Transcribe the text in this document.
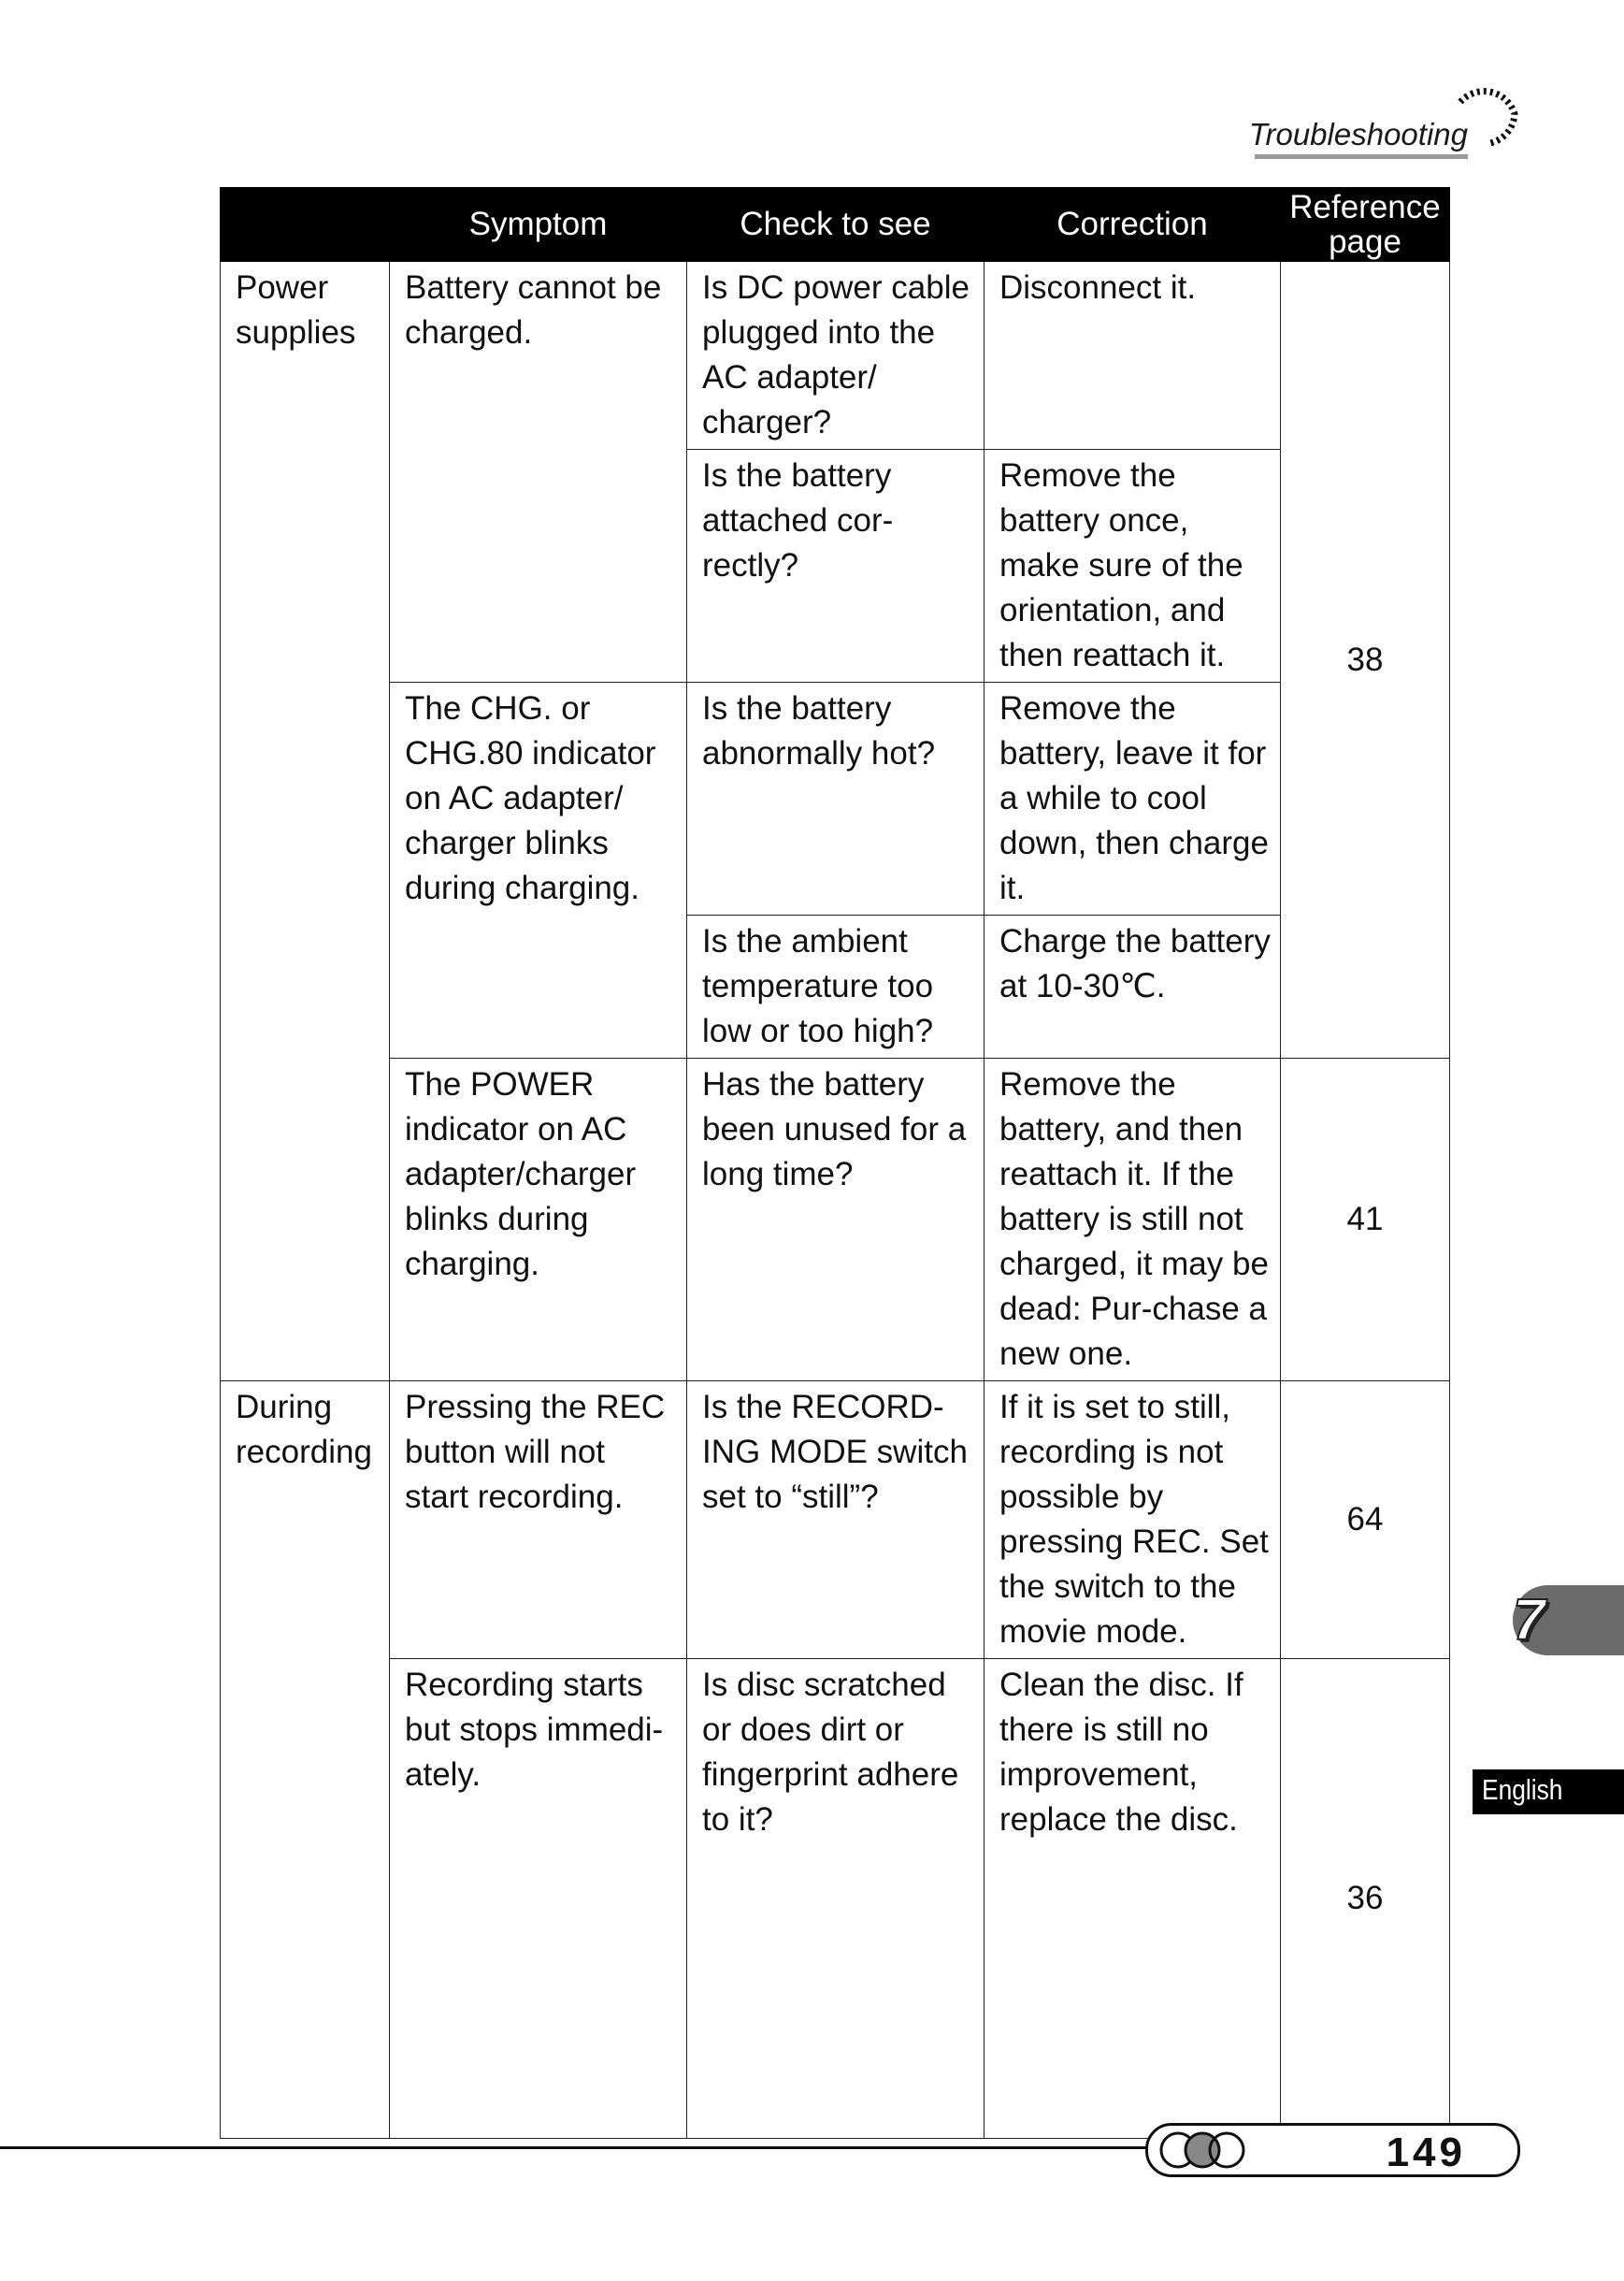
Troubleshooting
	Symptom	Check to see	Correction	Reference page
Power supplies	Battery cannot be charged.	Is DC power cable plugged into the AC adapter/ charger?	Disconnect it.	38
		Is the battery attached cor-rectly?	Remove the battery once, make sure of the orientation, and then reattach it.	
	The CHG. or CHG.80 indicator on AC adapter/ charger blinks during charging.	Is the battery abnormally hot?	Remove the battery, leave it for a while to cool down, then charge it.	
		Is the ambient temperature too low or too high?	Charge the battery at 10-30℃.	
	The POWER indicator on AC adapter/charger blinks during charging.	Has the battery been unused for a long time?	Remove the battery, and then reattach it. If the battery is still not charged, it may be dead: Pur-chase a new one.	41
During recording	Pressing the REC button will not start recording.	Is the RECORD-ING MODE switch set to “still”?	If it is set to still, recording is not possible by pressing REC. Set the switch to the movie mode.	64
	Recording starts but stops immedi-ately.	Is disc scratched or does dirt or fingerprint adhere to it?	Clean the disc. If there is still no improvement, replace the disc.	36
7
English
149
